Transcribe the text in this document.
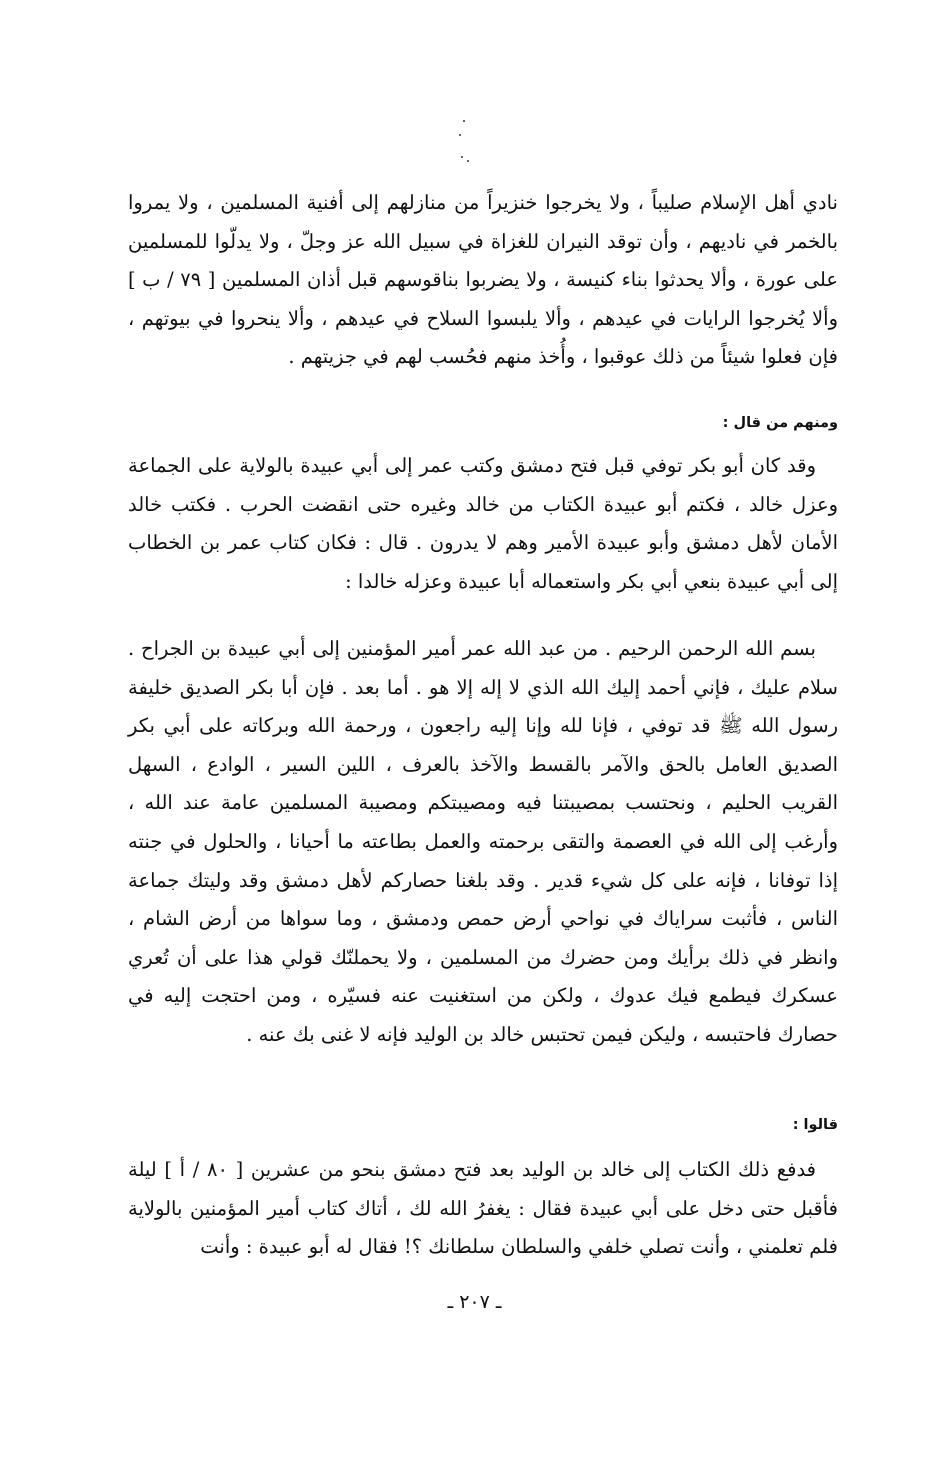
نادي أهل الإسلام صليباً ، ولا يخرجوا خنزيراً من منازلهم إلى أفنية المسلمين ، ولا يمروا بالخمر في ناديهم ، وأن توقد النيران للغزاة في سبيل الله عز وجلّ ، ولا يدلّوا للمسلمين على عورة ، وألا يحدثوا بناء كنيسة ، ولا يضربوا بناقوسهم قبل أذان المسلمين [ ٧٩ / ب ] وألا يُخرجوا الرايات في عيدهم ، وألا يلبسوا السلاح في عيدهم ، وألا ينحروا في بيوتهم ، فإن فعلوا شيئاً من ذلك عوقبوا ، وأُخذ منهم فحُسب لهم في جزيتهم .

ومنهم من قال :

وقد كان أبو بكر توفي قبل فتح دمشق وكتب عمر إلى أبي عبيدة بالولاية على الجماعة وعزل خالد ، فكتم أبو عبيدة الكتاب من خالد وغيره حتى انقضت الحرب . فكتب خالد الأمان لأهل دمشق وأبو عبيدة الأمير وهم لا يدرون . قال : فكان كتاب عمر بن الخطاب إلى أبي عبيدة بنعي أبي بكر واستعماله أبا عبيدة وعزله خالدا :

بسم الله الرحمن الرحيم . من عبد الله عمر أمير المؤمنين إلى أبي عبيدة بن الجراح . سلام عليك ، فإني أحمد إليك الله الذي لا إله إلا هو . أما بعد . فإن أبا بكر الصديق خليفة رسول الله ﷺ قد توفي ، فإنا لله وإنا إليه راجعون ، ورحمة الله وبركاته على أبي بكر الصديق العامل بالحق والآمر بالقسط والآخذ بالعرف ، اللين السير ، الوادع ، السهل القريب الحليم ، ونحتسب بمصيبتنا فيه ومصيبتكم ومصيبة المسلمين عامة عند الله ، وأرغب إلى الله في العصمة والتقى برحمته والعمل بطاعته ما أحيانا ، والحلول في جنته إذا توفانا ، فإنه على كل شيء قدير . وقد بلغنا حصاركم لأهل دمشق وقد وليتك جماعة الناس ، فأثبت سراياك في نواحي أرض حمص ودمشق ، وما سواها من أرض الشام ، وانظر في ذلك برأيك ومن حضرك من المسلمين ، ولا يحملنّك قولي هذا على أن تُعري عسكرك فيطمع فيك عدوك ، ولكن من استغنيت عنه فسيّره ، ومن احتجت إليه في حصارك فاحتبسه ، وليكن فيمن تحتبس خالد بن الوليد فإنه لا غنى بك عنه .

قالوا :

فدفع ذلك الكتاب إلى خالد بن الوليد بعد فتح دمشق بنحو من عشرين [ ٨٠ / أ ] ليلة فأقبل حتى دخل على أبي عبيدة فقال : يغفرُ الله لك ، أتاك كتاب أمير المؤمنين بالولاية فلم تعلمني ، وأنت تصلي خلفي والسلطان سلطانك ؟! فقال له أبو عبيدة : وأنت

ـ ٢٠٧ ـ
